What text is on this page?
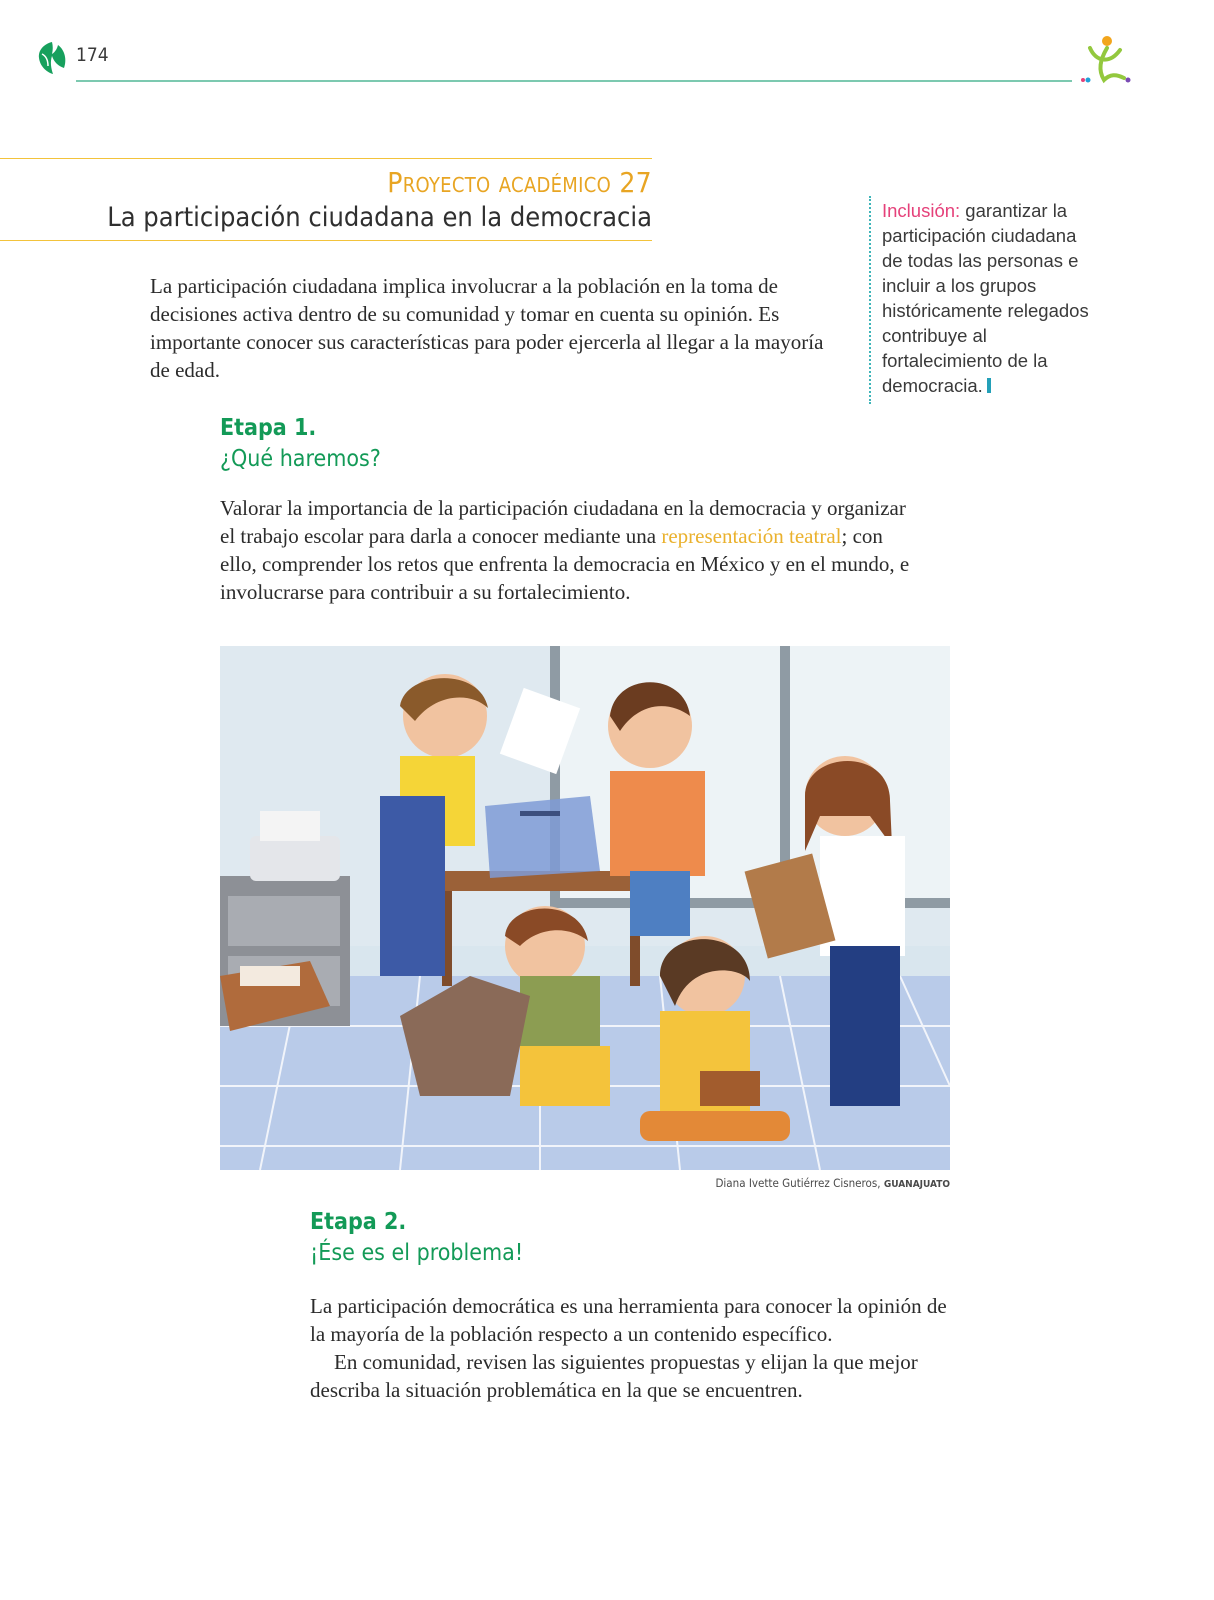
174
Proyecto académico 27
La participación ciudadana en la democracia	Inclusión: garantizar la participación ciudadana de todas las personas e incluir a los grupos históricamente relegados contribuye al fortalecimiento de la democracia.
La participación ciudadana implica involucrar a la población en la toma de decisiones activa dentro de su comunidad y tomar en cuenta su opinión. Es importante conocer sus características para poder ejercerla al llegar a la mayoría de edad.
Etapa 1.
¿Qué haremos?
Valorar la importancia de la participación ciudadana en la democracia y organizar el trabajo escolar para darla a conocer mediante una representación teatral; con ello, comprender los retos que enfrenta la democracia en México y en el mundo, e involucrarse para contribuir a su fortalecimiento.
Diana Ivette Gutiérrez Cisneros, GUANAJUATO
Etapa 2.
¡Ése es el problema!

La participación democrática es una herramienta para conocer la opinión de la mayoría de la población respecto a un contenido específico.

En comunidad, revisen las siguientes propuestas y elijan la que mejor describa la situación problemática en la que se encuentren.
